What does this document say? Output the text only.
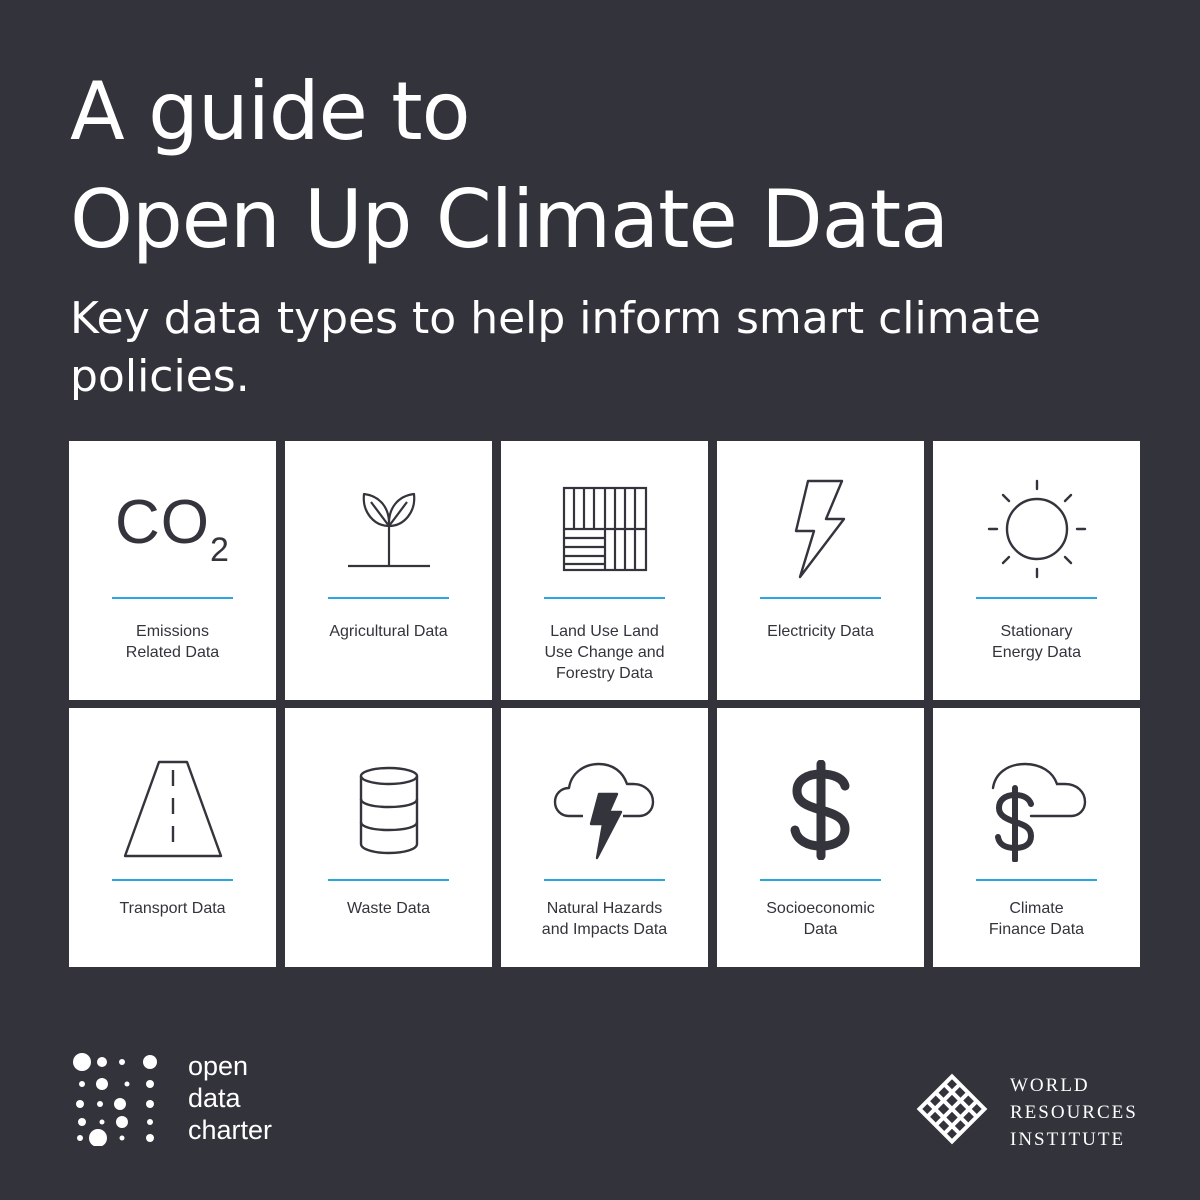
A guide to
Open Up Climate Data

Key data types to help inform smart climate policies.

$CO_2$
Emissions
Related Data
Agricultural Data	Land Use Land
Use Change and
Forestry Data
Electricity Data	Stationary
Energy Data
Transport Data	Waste Data	Natural Hazards
and Impacts Data
Socioeconomic
Data
Climate
Finance Data
open
data
charter
WORLD
RESOURCES
INSTITUTE
